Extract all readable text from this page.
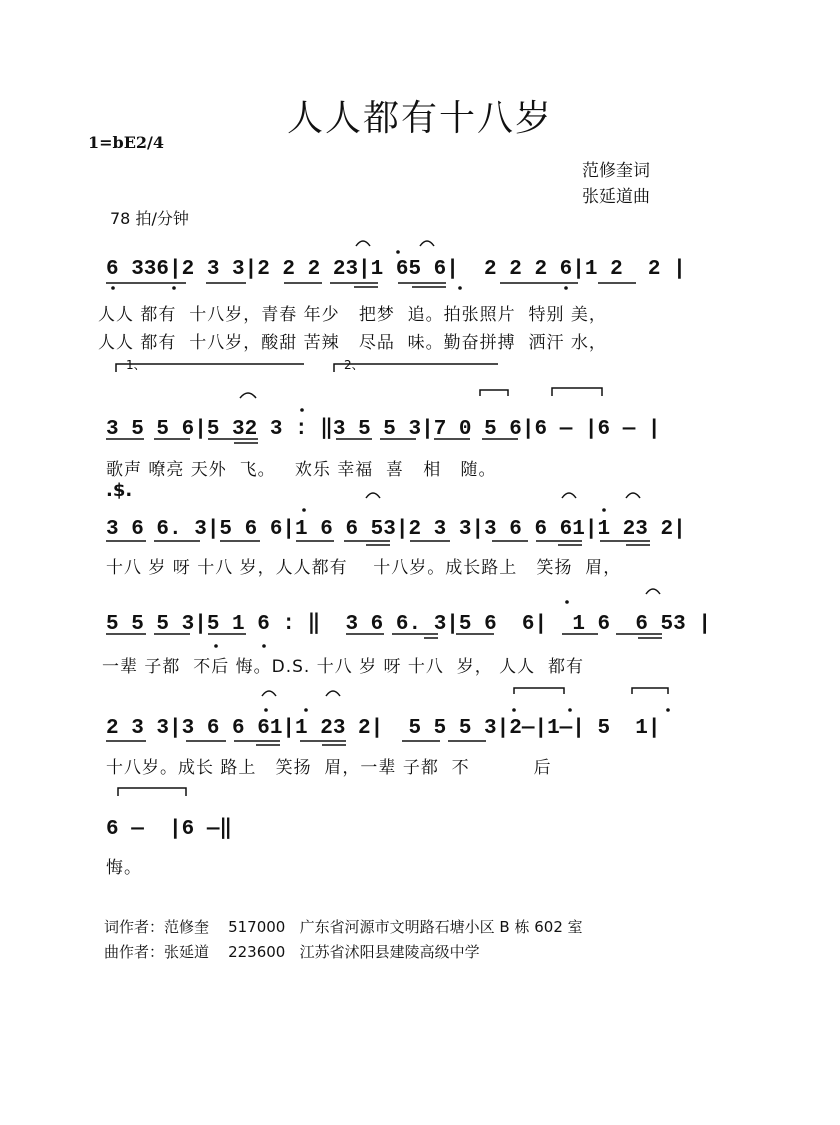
人人都有十八岁
1=bE2/4
范修奎词
张延道曲
78 拍/分钟
6 336|2 3 3|2 2 2 23|1 65 6|  2 2 2 6|1 2  2 |
人人 都有  十八岁，青春 年少   把梦  追。拍张照片  特别 美，
人人 都有  十八岁，酸甜 苦辣   尽品  味。勤奋拼搏  洒汗 水，
1、	2、
3 5 5 6|5 32 3 : ‖3 5 5 3|7 0 5 6|6 — |6 — |
歌声 嘹亮 天外  飞。   欢乐 幸福  喜   相   随。
.$.
3 6 6. 3|5 6 6|1 6 6 53|2 3 3|3 6 6 61|1 23 2|
十八 岁 呀 十八 岁，人人都有    十八岁。成长路上   笑扬  眉，
5 5 5 3|5 1 6 : ‖  3 6 6. 3|5 6  6|  1 6  6 53 |
一辈 子都  不后 悔。D.S. 十八 岁 呀 十八  岁， 人人  都有
2 3 3|3 6 6 61|1 23 2|  5 5 5 3|2—|1—| 5  1|
十八岁。成长 路上   笑扬  眉，一辈 子都  不          后
6 —  |6 —‖
悔。
词作者：范修奎    517000   广东省河源市文明路石塘小区 B 栋 602 室
曲作者：张延道    223600   江苏省沭阳县建陵高级中学
